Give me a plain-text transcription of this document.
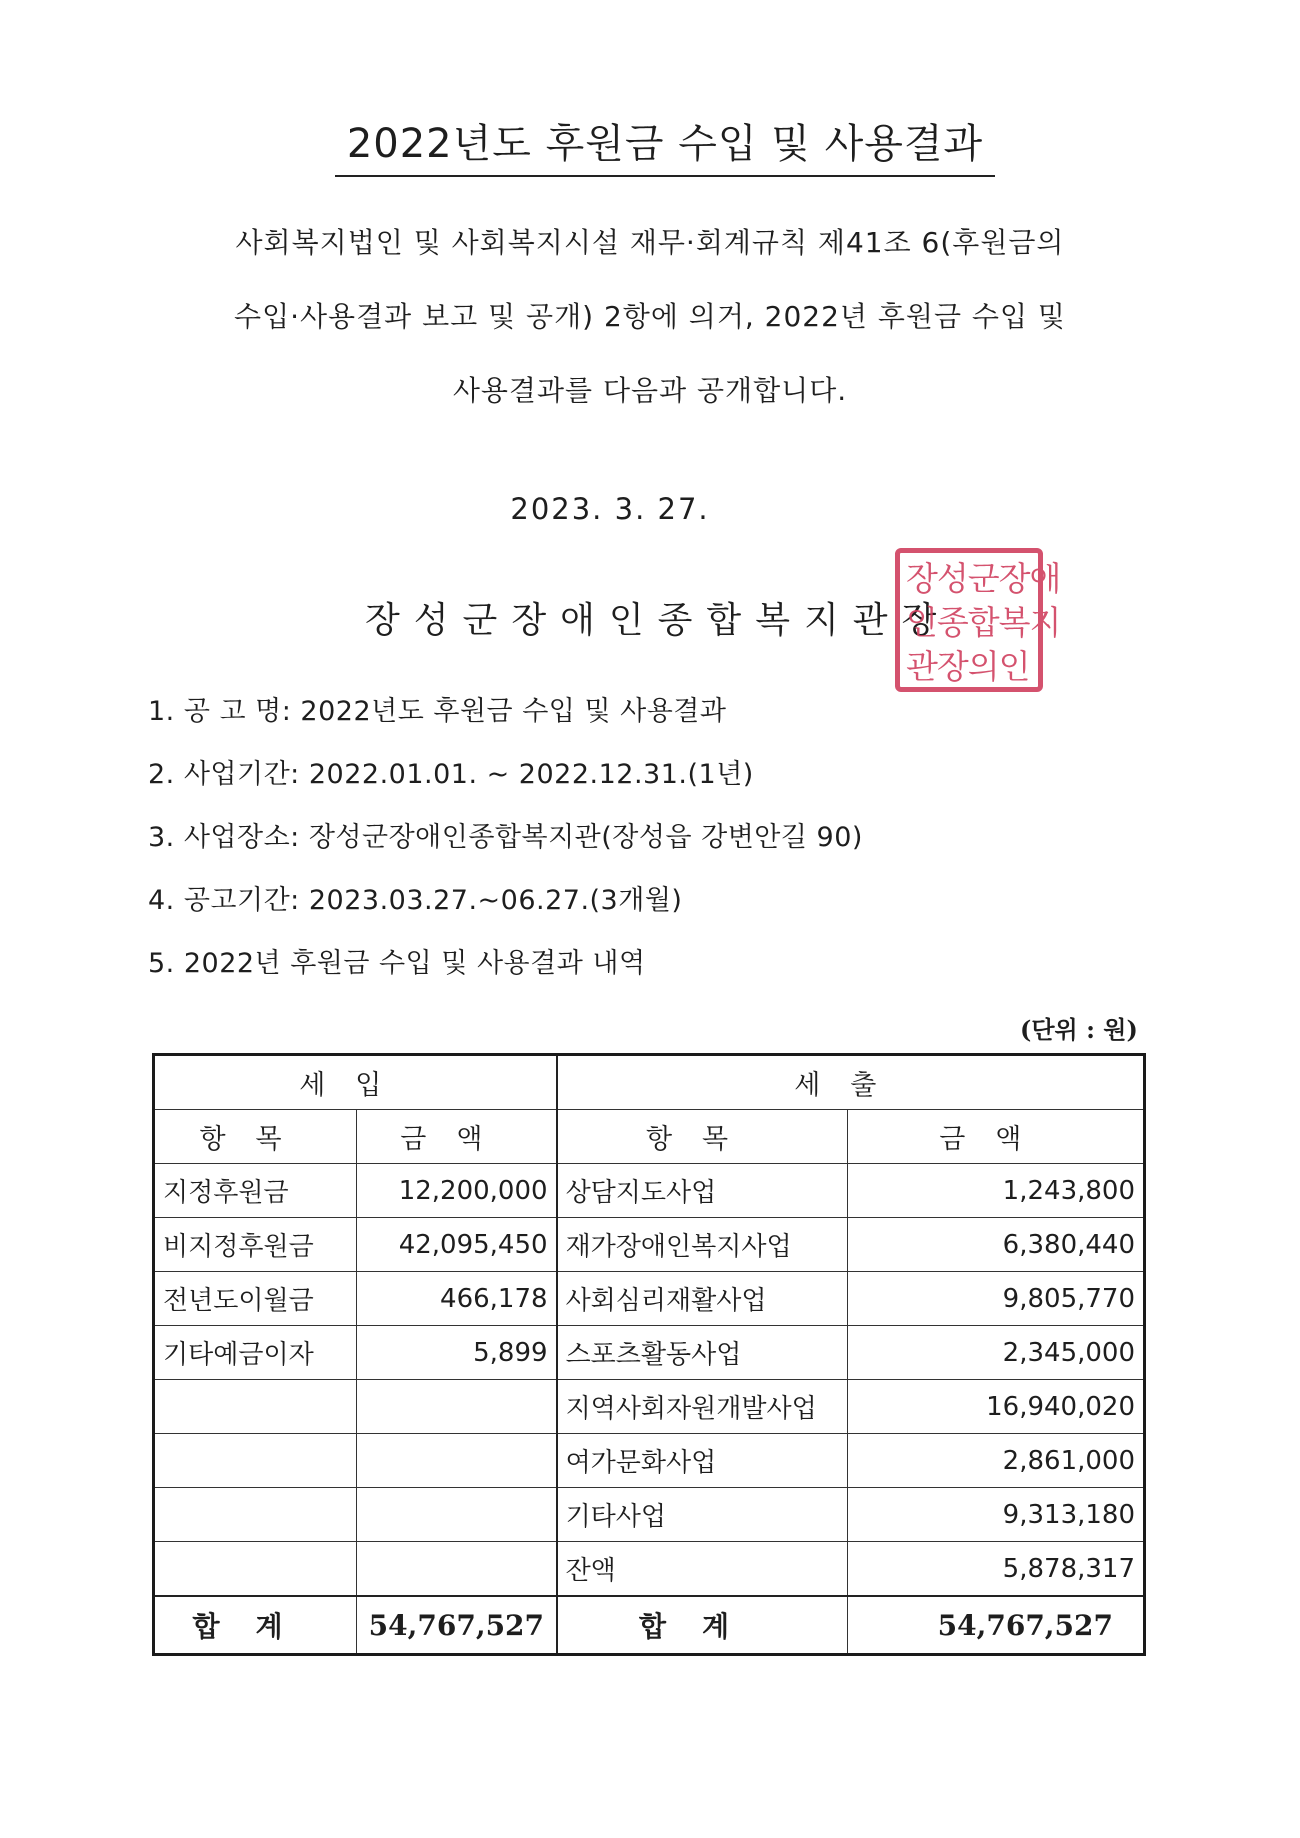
2022년도 후원금 수입 및 사용결과
사회복지법인 및 사회복지시설 재무·회계규칙 제41조 6(후원금의
수입·사용결과 보고 및 공개) 2항에 의거, 2022년 후원금 수입 및
사용결과를 다음과 공개합니다.
2023. 3. 27.
장성군장애인종합복지관장
장성군장애
인종합복지
관장의인
1. 공 고 명: 2022년도 후원금 수입 및 사용결과
2. 사업기간: 2022.01.01. ~ 2022.12.31.(1년)
3. 사업장소: 장성군장애인종합복지관(장성읍 강변안길 90)
4. 공고기간: 2023.03.27.~06.27.(3개월)
5. 2022년 후원금 수입 및 사용결과 내역
(단위 : 원)
세입		세출	
항목	금액	항목	금액
지정후원금	12,200,000	상담지도사업	1,243,800
비지정후원금	42,095,450	재가장애인복지사업	6,380,440
전년도이월금	466,178	사회심리재활사업	9,805,770
기타예금이자	5,899	스포츠활동사업	2,345,000
		지역사회자원개발사업	16,940,020
		여가문화사업	2,861,000
		기타사업	9,313,180
		잔액	5,878,317
합계	54,767,527	합계	54,767,527
